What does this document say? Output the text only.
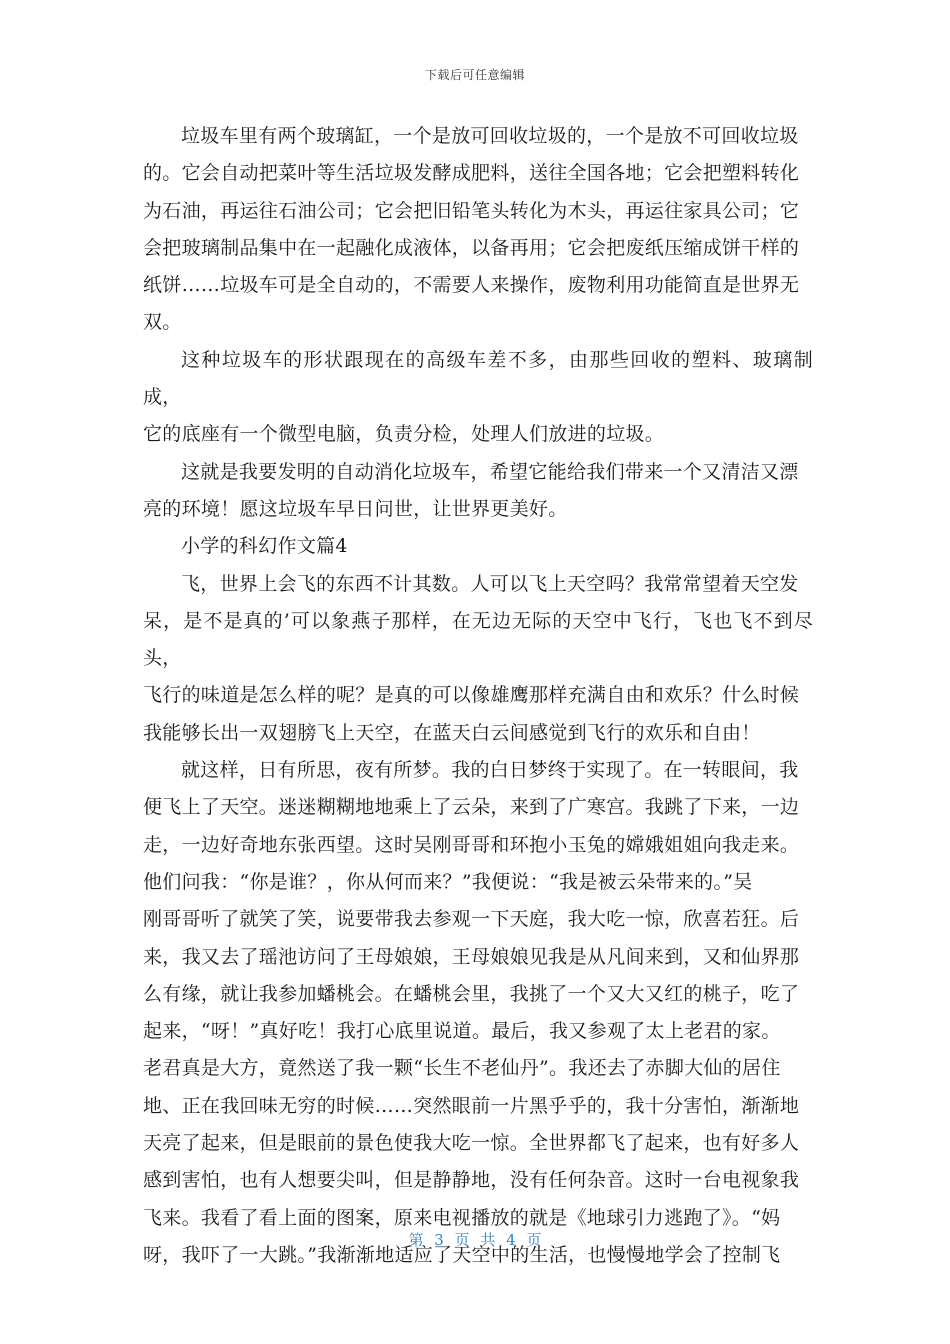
下载后可任意编辑

垃圾车里有两个玻璃缸，一个是放可回收垃圾的，一个是放不可回收垃圾
的。它会自动把菜叶等生活垃圾发酵成肥料，送往全国各地；它会把塑料转化
为石油，再运往石油公司；它会把旧铅笔头转化为木头，再运往家具公司；它
会把玻璃制品集中在一起融化成液体，以备再用；它会把废纸压缩成饼干样的
纸饼……垃圾车可是全自动的，不需要人来操作，废物利用功能简直是世界无
双。

这种垃圾车的形状跟现在的高级车差不多，由那些回收的塑料、玻璃制成，
它的底座有一个微型电脑，负责分检，处理人们放进的垃圾。

这就是我要发明的自动消化垃圾车，希望它能给我们带来一个又清洁又漂
亮的环境！愿这垃圾车早日问世，让世界更美好。

小学的科幻作文篇4

飞，世界上会飞的东西不计其数。人可以飞上天空吗？我常常望着天空发
呆，是不是真的’可以象燕子那样，在无边无际的天空中飞行，飞也飞不到尽头，
飞行的味道是怎么样的呢？是真的可以像雄鹰那样充满自由和欢乐？什么时候
我能够长出一双翅膀飞上天空，在蓝天白云间感觉到飞行的欢乐和自由！

就这样，日有所思，夜有所梦。我的白日梦终于实现了。在一转眼间，我
便飞上了天空。迷迷糊糊地地乘上了云朵，来到了广寒宫。我跳了下来，一边
走，一边好奇地东张西望。这时吴刚哥哥和环抱小玉兔的嫦娥姐姐向我走来。
他们问我：“你是谁？，你从何而来？”我便说：“我是被云朵带来的。”吴
刚哥哥听了就笑了笑，说要带我去参观一下天庭，我大吃一惊，欣喜若狂。后
来，我又去了瑶池访问了王母娘娘，王母娘娘见我是从凡间来到，又和仙界那
么有缘，就让我参加蟠桃会。在蟠桃会里，我挑了一个又大又红的桃子，吃了
起来，“呀！”真好吃！我打心底里说道。最后，我又参观了太上老君的家。
老君真是大方，竟然送了我一颗“长生不老仙丹”。我还去了赤脚大仙的居住
地、正在我回味无穷的时候……突然眼前一片黑乎乎的，我十分害怕，渐渐地
天亮了起来，但是眼前的景色使我大吃一惊。全世界都飞了起来，也有好多人
感到害怕，也有人想要尖叫，但是静静地，没有任何杂音。这时一台电视象我
飞来。我看了看上面的图案，原来电视播放的就是《地球引力逃跑了》。“妈
呀，我吓了一大跳。”我渐渐地适应了天空中的生活，也慢慢地学会了控制飞

第 3 页 共 4 页
